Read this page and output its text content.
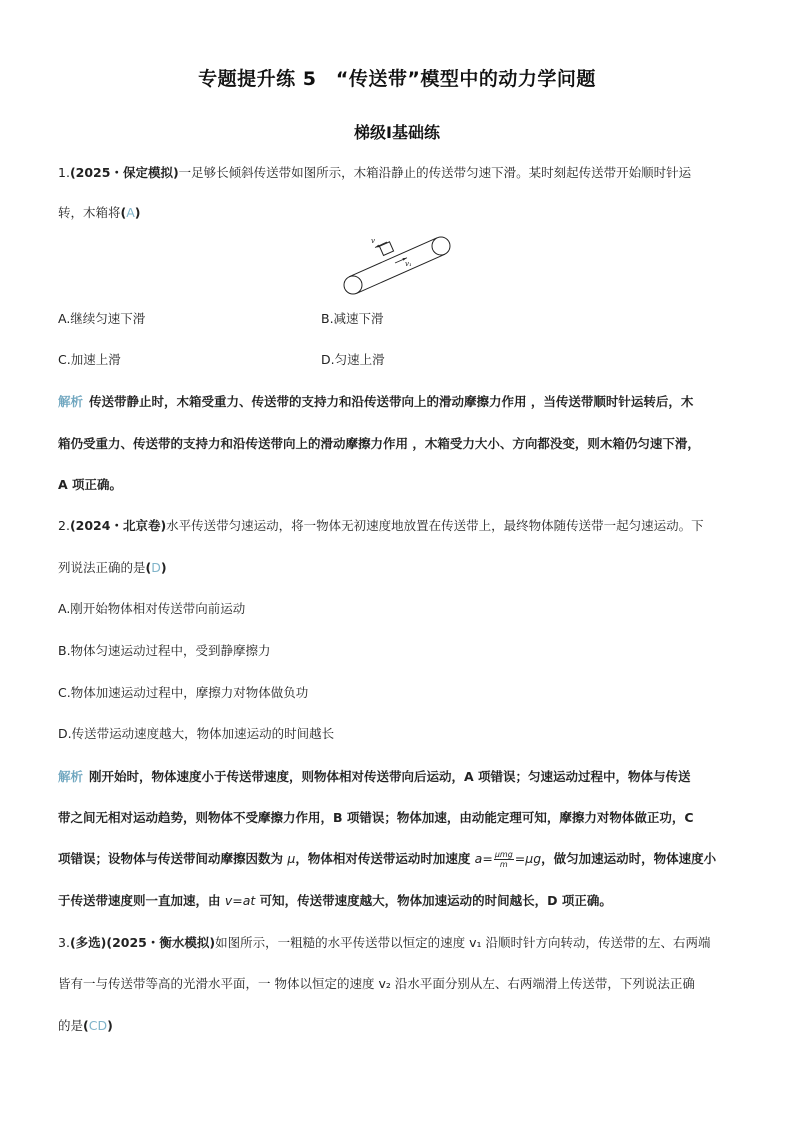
专题提升练 5　“传送带”模型中的动力学问题
梯级Ⅰ基础练
1.(2025・保定模拟)一足够长倾斜传送带如图所示，木箱沿静止的传送带匀速下滑。某时刻起传送带开始顺时针运
转，木箱将(A)
v
v₁
A.继续匀速下滑	B.减速下滑
C.加速上滑	D.匀速上滑
解析 传送带静止时，木箱受重力、传送带的支持力和沿传送带向上的滑动摩擦力作用 ，当传送带顺时针运转后，木
箱仍受重力、传送带的支持力和沿传送带向上的滑动摩擦力作用 ，木箱受力大小、方向都没变，则木箱仍匀速下滑，
A 项正确。
2.(2024・北京卷)水平传送带匀速运动，将一物体无初速度地放置在传送带上，最终物体随传送带一起匀速运动。下
列说法正确的是(D)
A.刚开始物体相对传送带向前运动
B.物体匀速运动过程中，受到静摩擦力
C.物体加速运动过程中，摩擦力对物体做负功
D.传送带运动速度越大，物体加速运动的时间越长
解析 刚开始时，物体速度小于传送带速度，则物体相对传送带向后运动，A 项错误；匀速运动过程中，物体与传送
带之间无相对运动趋势，则物体不受摩擦力作用，B 项错误；物体加速，由动能定理可知，摩擦力对物体做正功，C
项错误；设物体与传送带间动摩擦因数为 μ，物体相对传送带运动时加速度 $a= \frac{\text{μmg}}{m} =\mu g$，做匀加速运动时，物体速度小
于传送带速度则一直加速，由 v=at 可知，传送带速度越大，物体加速运动的时间越长，D 项正确。
3.(多选)(2025・衡水模拟)如图所示，一粗糙的水平传送带以恒定的速度 v₁ 沿顺时针方向转动，传送带的左、右两端
皆有一与传送带等高的光滑水平面，一 物体以恒定的速度 v₂ 沿水平面分别从左、右两端滑上传送带，下列说法正确
的是(CD)
